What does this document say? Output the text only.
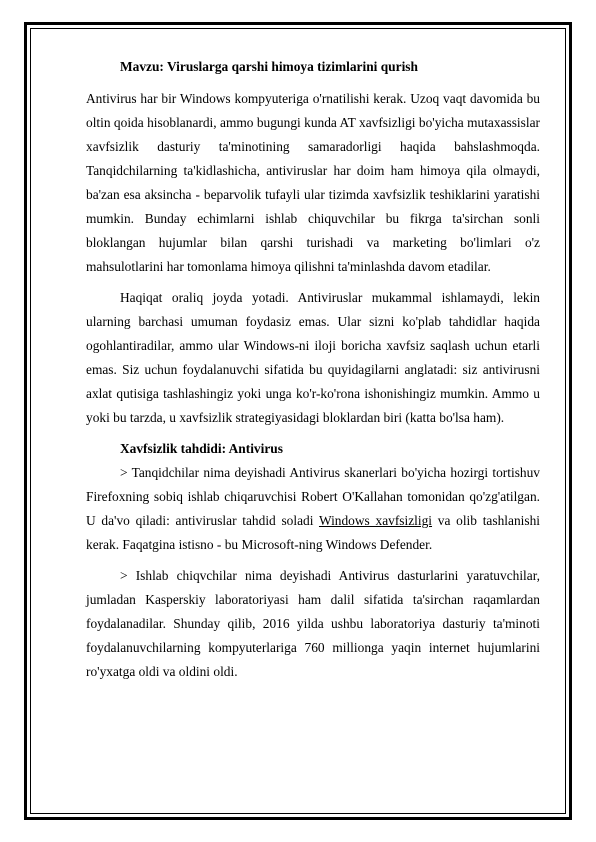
Mavzu: Viruslarga qarshi himoya tizimlarini qurish

Antivirus har bir Windows kompyuteriga o'rnatilishi kerak. Uzoq vaqt davomida bu oltin qoida hisoblanardi, ammo bugungi kunda AT xavfsizligi bo'yicha mutaxassislar xavfsizlik dasturiy ta'minotining samaradorligi haqida bahslashmoqda. Tanqidchilarning ta'kidlashicha, antiviruslar har doim ham himoya qila olmaydi, ba'zan esa aksincha - beparvolik tufayli ular tizimda xavfsizlik teshiklarini yaratishi mumkin. Bunday echimlarni ishlab chiquvchilar bu fikrga ta'sirchan sonli bloklangan hujumlar bilan qarshi turishadi va marketing bo'limlari o'z mahsulotlarini har tomonlama himoya qilishni ta'minlashda davom etadilar.

Haqiqat oraliq joyda yotadi. Antiviruslar mukammal ishlamaydi, lekin ularning barchasi umuman foydasiz emas. Ular sizni ko'plab tahdidlar haqida ogohlantiradilar, ammo ular Windows-ni iloji boricha xavfsiz saqlash uchun etarli emas. Siz uchun foydalanuvchi sifatida bu quyidagilarni anglatadi: siz antivirusni axlat qutisiga tashlashingiz yoki unga ko'r-ko'rona ishonishingiz mumkin. Ammo u yoki bu tarzda, u xavfsizlik strategiyasidagi bloklardan biri (katta bo'lsa ham).

Xavfsizlik tahdidi: Antivirus

> Tanqidchilar nima deyishadi Antivirus skanerlari bo'yicha hozirgi tortishuv Firefoxning sobiq ishlab chiqaruvchisi Robert O'Kallahan tomonidan qo'zg'atilgan. U da'vo qiladi: antiviruslar tahdid soladi Windows xavfsizligi va olib tashlanishi kerak. Faqatgina istisno - bu Microsoft-ning Windows Defender.

> Ishlab chiqvchilar nima deyishadi Antivirus dasturlarini yaratuvchilar, jumladan Kasperskiy laboratoriyasi ham dalil sifatida ta'sirchan raqamlardan foydalanadilar. Shunday qilib, 2016 yilda ushbu laboratoriya dasturiy ta'minoti foydalanuvchilarning kompyuterlariga 760 millionga yaqin internet hujumlarini ro'yxatga oldi va oldini oldi.
